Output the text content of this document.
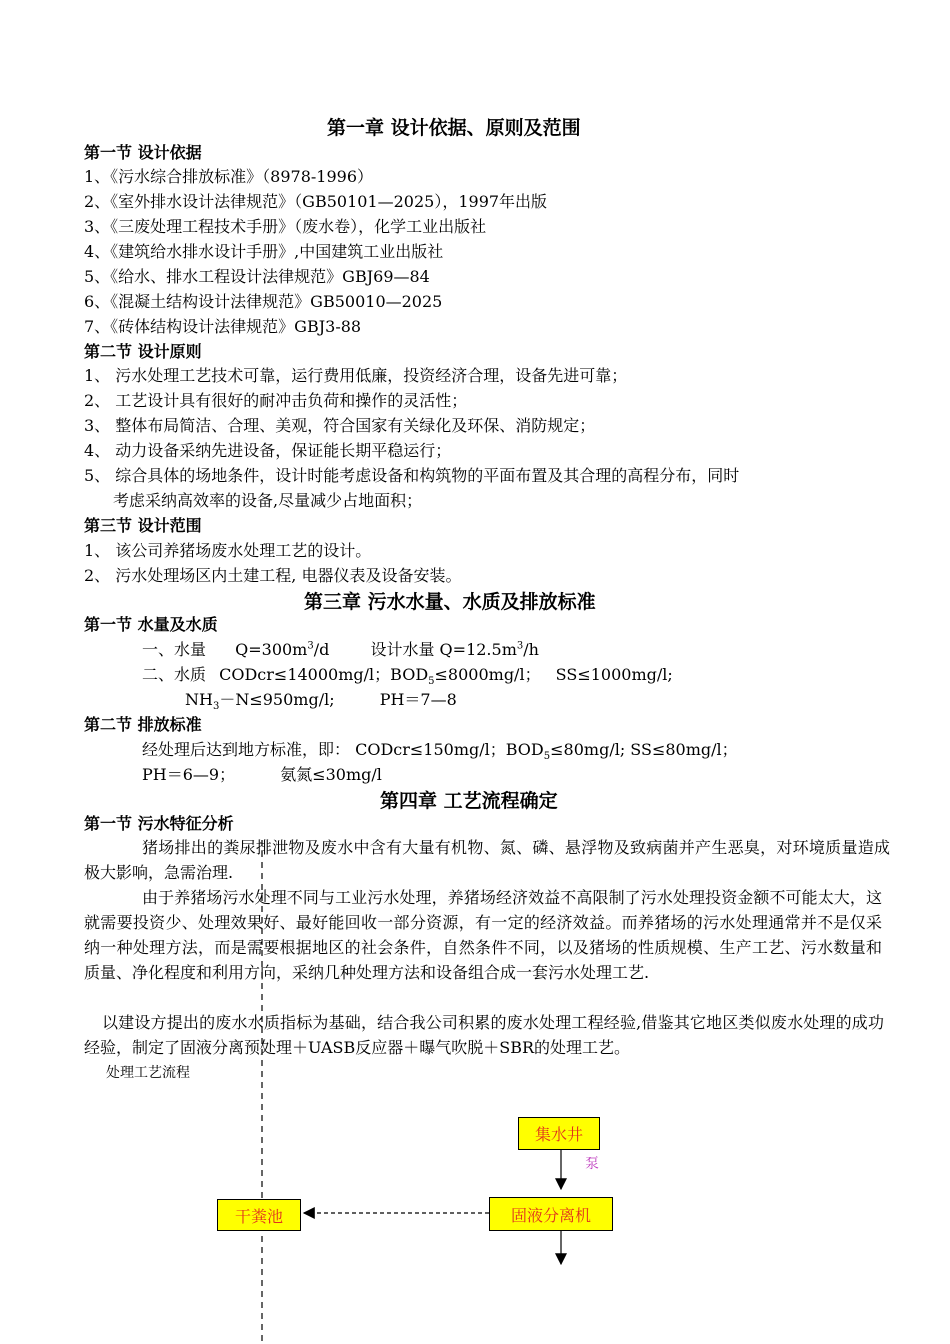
第一章 设计依据、原则及范围
第一节 设计依据
1、《污水综合排放标准》（8978-1996）
2、《室外排水设计法律规范》（GB50101—2025），1997年出版
3、《三废处理工程技术手册》（废水卷），化学工业出版社
4、《建筑给水排水设计手册》,中国建筑工业出版社
5、《给水、排水工程设计法律规范》GBJ69—84
6、《混凝土结构设计法律规范》GB50010—2025
7、《砖体结构设计法律规范》GBJ3-88
第二节 设计原则
1、 污水处理工艺技术可靠，运行费用低廉，投资经济合理，设备先进可靠；
2、 工艺设计具有很好的耐冲击负荷和操作的灵活性；
3、 整体布局简洁、合理、美观，符合国家有关绿化及环保、消防规定；
4、 动力设备采纳先进设备，保证能长期平稳运行；
5、 综合具体的场地条件，设计时能考虑设备和构筑物的平面布置及其合理的高程分布，同时
考虑采纳高效率的设备,尽量减少占地面积；
第三节 设计范围
1、 该公司养猪场废水处理工艺的设计。
2、 污水处理场区内土建工程, 电器仪表及设备安装。
第三章 污水水量、水质及排放标准
第一节 水量及水质
一、水量 $Q=300m^3/d$	设计水量 $Q=12.5m^3/h$
二、水质 CODcr≤14000mg/l；$BOD_5\le 8000mg/l$； SS≤1000mg/l;
$NH_3-N\le 950mg/l$;	PH＝7—8
第二节 排放标准
经处理后达到地方标准，即： CODcr≤150mg/l；$BOD_5\le 80mg/l$; SS≤80mg/l；
PH＝6—9；	氨氮≤30mg/l
第四章 工艺流程确定
第一节 污水特征分析
猪场排出的粪尿排泄物及废水中含有大量有机物、氮、磷、悬浮物及致病菌并产生恶臭，对环境质量造成极大影响，急需治理.
由于养猪场污水处理不同与工业污水处理，养猪场经济效益不高限制了污水处理投资金额不可能太大，这就需要投资少、处理效果好、最好能回收一部分资源，有一定的经济效益。而养猪场的污水处理通常并不是仅采纳一种处理方法，而是需要根据地区的社会条件，自然条件不同，以及猪场的性质规模、生产工艺、污水数量和质量、净化程度和利用方向，采纳几种处理方法和设备组合成一套污水处理工艺.
以建设方提出的废水水质指标为基础，结合我公司积累的废水处理工程经验,借鉴其它地区类似废水处理的成功经验，制定了固液分离预处理＋UASB反应器＋曝气吹脱＋SBR的处理工艺。
处理工艺流程
集水井
泵
固液分离机
干粪池
